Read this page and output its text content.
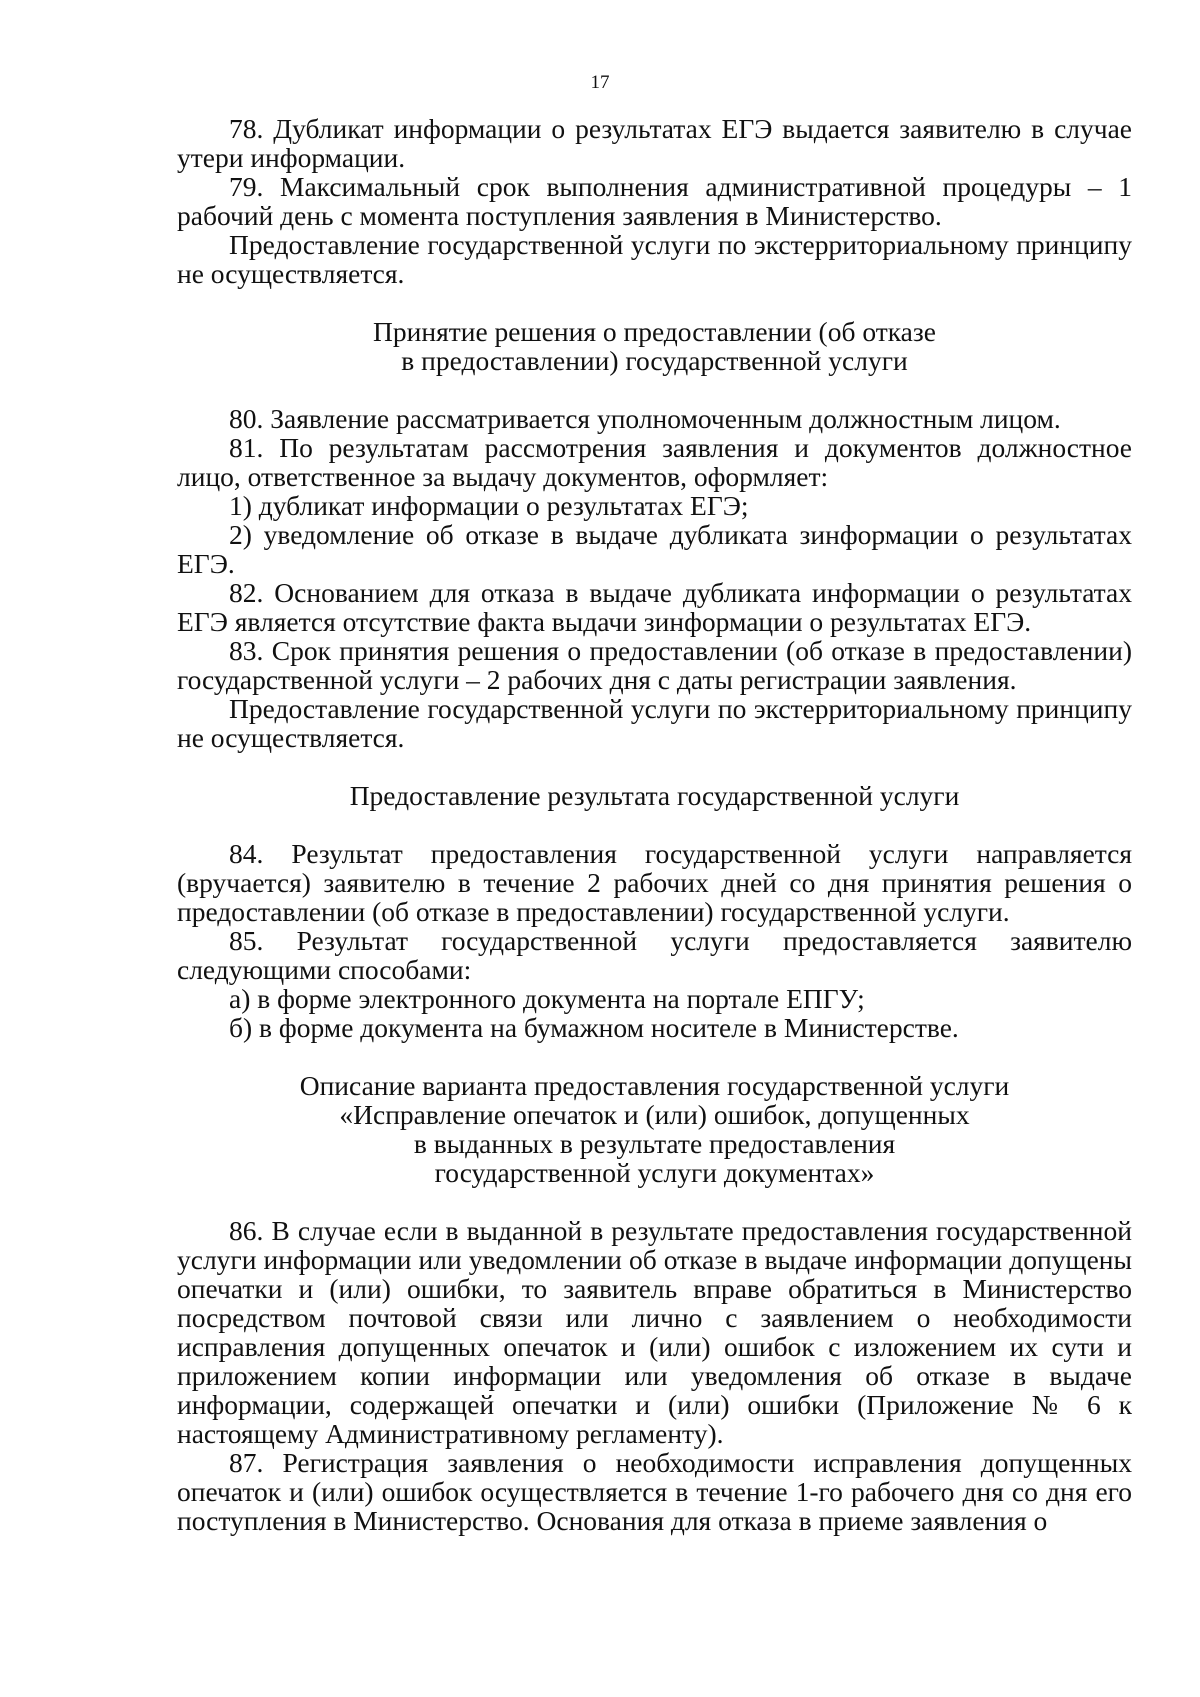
17

78. Дубликат информации о результатах ЕГЭ выдается заявителю в случае утери информации.

79. Максимальный срок выполнения административной процедуры – 1 рабочий день с момента поступления заявления в Министерство.

Предоставление государственной услуги по экстерриториальному принципу не осуществляется.

Принятие решения о предоставлении (об отказе
в предоставлении) государственной услуги

80. Заявление рассматривается уполномоченным должностным лицом.

81. По результатам рассмотрения заявления и документов должностное лицо, ответственное за выдачу документов, оформляет:

1) дубликат информации о результатах ЕГЭ;

2) уведомление об отказе в выдаче дубликата зинформации о результатах ЕГЭ.

82. Основанием для отказа в выдаче дубликата информации о результатах ЕГЭ является отсутствие факта выдачи зинформации о результатах ЕГЭ.

83. Срок принятия решения о предоставлении (об отказе в предоставлении) государственной услуги – 2 рабочих дня с даты регистрации заявления.

Предоставление государственной услуги по экстерриториальному принципу не осуществляется.

Предоставление результата государственной услуги

84. Результат предоставления государственной услуги направляется (вручается) заявителю в течение 2 рабочих дней со дня принятия решения о предоставлении (об отказе в предоставлении) государственной услуги.

85. Результат государственной услуги предоставляется заявителю следующими способами:

а) в форме электронного документа на портале ЕПГУ;

б) в форме документа на бумажном носителе в Министерстве.

Описание варианта предоставления государственной услуги
«Исправление опечаток и (или) ошибок, допущенных
в выданных в результате предоставления
государственной услуги документах»

86. В случае если в выданной в результате предоставления государственной услуги информации или уведомлении об отказе в выдаче информации допущены опечатки и (или) ошибки, то заявитель вправе обратиться в Министерство посредством почтовой связи или лично с заявлением о необходимости исправления допущенных опечаток и (или) ошибок с изложением их сути и приложением копии информации или уведомления об отказе в выдаче информации, содержащей опечатки и (или) ошибки (Приложение № 6 к настоящему Административному регламенту).

87. Регистрация заявления о необходимости исправления допущенных опечаток и (или) ошибок осуществляется в течение 1-го рабочего дня со дня его поступления в Министерство. Основания для отказа в приеме заявления о
